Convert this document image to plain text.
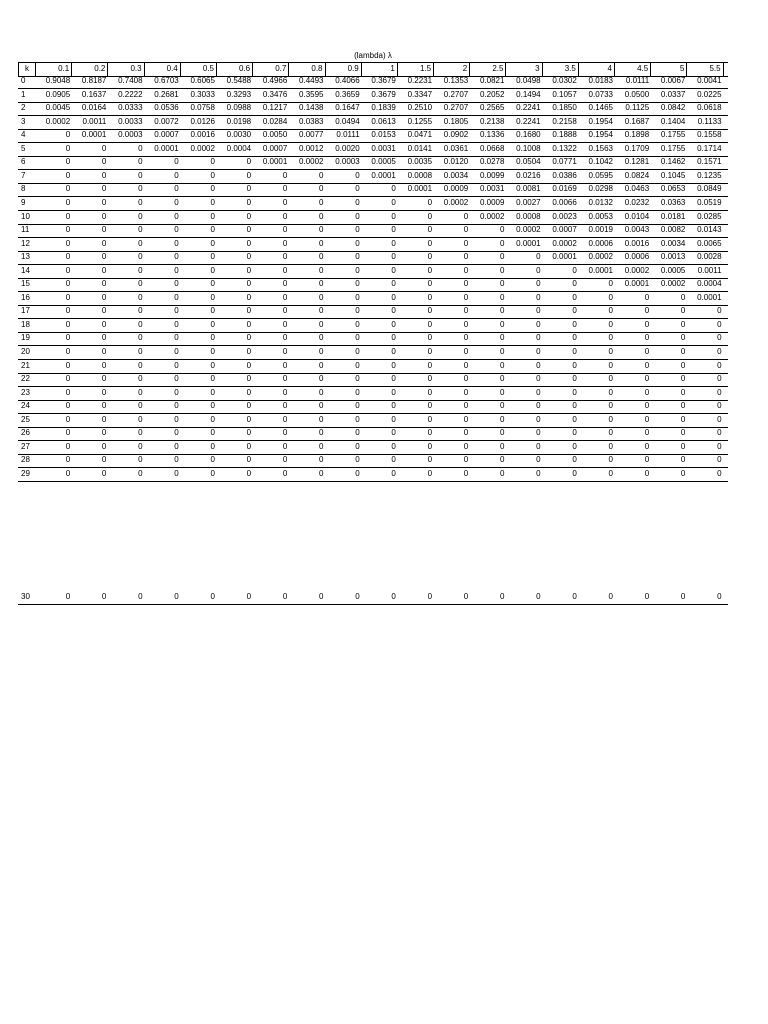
(lambda) λ
k	0.1	0.2	0.3	0.4	0.5	0.6	0.7	0.8	0.9	1	1.5	2	2.5	3	3.5	4	4.5	5	5.5
0	0.9048	0.8187	0.7408	0.6703	0.6065	0.5488	0.4966	0.4493	0.4066	0.3679	0.2231	0.1353	0.0821	0.0498	0.0302	0.0183	0.0111	0.0067	0.0041
1	0.0905	0.1637	0.2222	0.2681	0.3033	0.3293	0.3476	0.3595	0.3659	0.3679	0.3347	0.2707	0.2052	0.1494	0.1057	0.0733	0.0500	0.0337	0.0225
2	0.0045	0.0164	0.0333	0.0536	0.0758	0.0988	0.1217	0.1438	0.1647	0.1839	0.2510	0.2707	0.2565	0.2241	0.1850	0.1465	0.1125	0.0842	0.0618
3	0.0002	0.0011	0.0033	0.0072	0.0126	0.0198	0.0284	0.0383	0.0494	0.0613	0.1255	0.1805	0.2138	0.2241	0.2158	0.1954	0.1687	0.1404	0.1133
4	0	0.0001	0.0003	0.0007	0.0016	0.0030	0.0050	0.0077	0.0111	0.0153	0.0471	0.0902	0.1336	0.1680	0.1888	0.1954	0.1898	0.1755	0.1558
5	0	0	0	0.0001	0.0002	0.0004	0.0007	0.0012	0.0020	0.0031	0.0141	0.0361	0.0668	0.1008	0.1322	0.1563	0.1709	0.1755	0.1714
6	0	0	0	0	0	0	0.0001	0.0002	0.0003	0.0005	0.0035	0.0120	0.0278	0.0504	0.0771	0.1042	0.1281	0.1462	0.1571
7	0	0	0	0	0	0	0	0	0	0.0001	0.0008	0.0034	0.0099	0.0216	0.0386	0.0595	0.0824	0.1045	0.1235
8	0	0	0	0	0	0	0	0	0	0	0.0001	0.0009	0.0031	0.0081	0.0169	0.0298	0.0463	0.0653	0.0849
9	0	0	0	0	0	0	0	0	0	0	0	0.0002	0.0009	0.0027	0.0066	0.0132	0.0232	0.0363	0.0519
10	0	0	0	0	0	0	0	0	0	0	0	0	0.0002	0.0008	0.0023	0.0053	0.0104	0.0181	0.0285
11	0	0	0	0	0	0	0	0	0	0	0	0	0	0.0002	0.0007	0.0019	0.0043	0.0082	0.0143
12	0	0	0	0	0	0	0	0	0	0	0	0	0	0.0001	0.0002	0.0006	0.0016	0.0034	0.0065
13	0	0	0	0	0	0	0	0	0	0	0	0	0	0	0.0001	0.0002	0.0006	0.0013	0.0028
14	0	0	0	0	0	0	0	0	0	0	0	0	0	0	0	0.0001	0.0002	0.0005	0.0011
15	0	0	0	0	0	0	0	0	0	0	0	0	0	0	0	0	0.0001	0.0002	0.0004
16	0	0	0	0	0	0	0	0	0	0	0	0	0	0	0	0	0	0	0.0001
17	0	0	0	0	0	0	0	0	0	0	0	0	0	0	0	0	0	0	0
18	0	0	0	0	0	0	0	0	0	0	0	0	0	0	0	0	0	0	0
19	0	0	0	0	0	0	0	0	0	0	0	0	0	0	0	0	0	0	0
20	0	0	0	0	0	0	0	0	0	0	0	0	0	0	0	0	0	0	0
21	0	0	0	0	0	0	0	0	0	0	0	0	0	0	0	0	0	0	0
22	0	0	0	0	0	0	0	0	0	0	0	0	0	0	0	0	0	0	0
23	0	0	0	0	0	0	0	0	0	0	0	0	0	0	0	0	0	0	0
24	0	0	0	0	0	0	0	0	0	0	0	0	0	0	0	0	0	0	0
25	0	0	0	0	0	0	0	0	0	0	0	0	0	0	0	0	0	0	0
26	0	0	0	0	0	0	0	0	0	0	0	0	0	0	0	0	0	0	0
27	0	0	0	0	0	0	0	0	0	0	0	0	0	0	0	0	0	0	0
28	0	0	0	0	0	0	0	0	0	0	0	0	0	0	0	0	0	0	0
29	0	0	0	0	0	0	0	0	0	0	0	0	0	0	0	0	0	0	0
30	0	0	0	0	0	0	0	0	0	0	0	0	0	0	0	0	0	0	0
